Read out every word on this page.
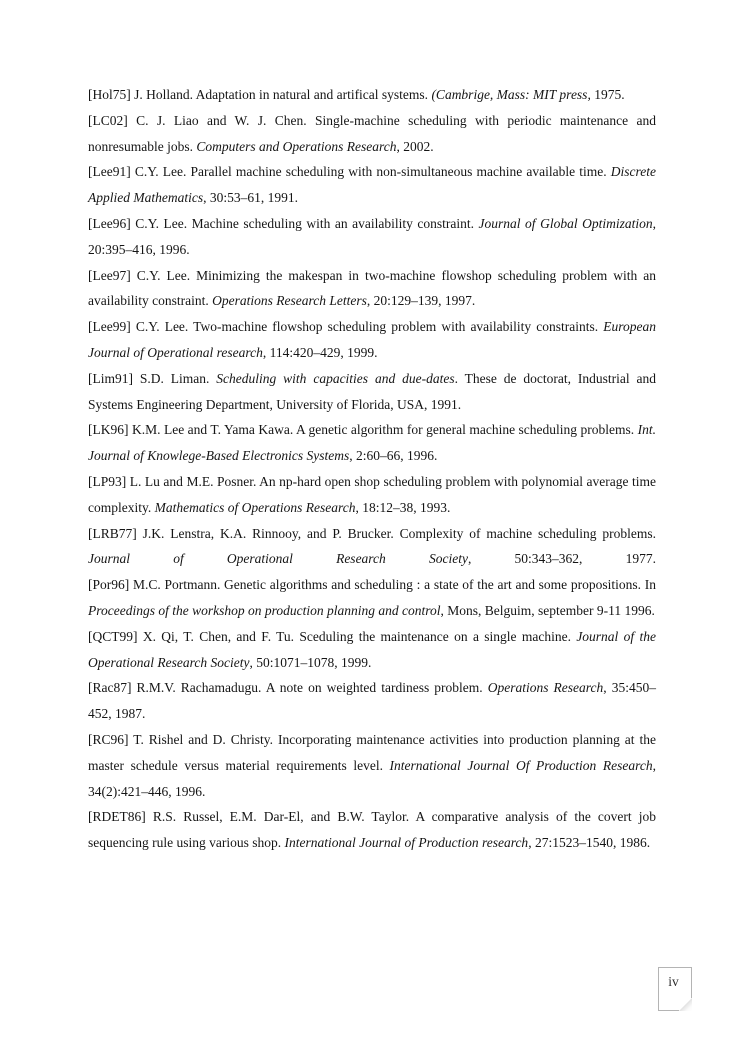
[Hol75] J. Holland. Adaptation in natural and artifical systems. (Cambrige, Mass: MIT press, 1975.

[LC02] C. J. Liao and W. J. Chen. Single-machine scheduling with periodic maintenance and nonresumable jobs. Computers and Operations Research, 2002.

[Lee91] C.Y. Lee. Parallel machine scheduling with non-simultaneous machine available time. Discrete Applied Mathematics, 30:53–61, 1991.

[Lee96] C.Y. Lee. Machine scheduling with an availability constraint. Journal of Global Optimization, 20:395–416, 1996.

[Lee97] C.Y. Lee. Minimizing the makespan in two-machine flowshop scheduling problem with an availability constraint. Operations Research Letters, 20:129–139, 1997.

[Lee99] C.Y. Lee. Two-machine flowshop scheduling problem with availability constraints. European Journal of Operational research, 114:420–429, 1999.

[Lim91] S.D. Liman. Scheduling with capacities and due-dates. These de doctorat, Industrial and Systems Engineering Department, University of Florida, USA, 1991.

[LK96] K.M. Lee and T. Yama Kawa. A genetic algorithm for general machine scheduling problems. Int. Journal of Knowlege-Based Electronics Systems, 2:60–66, 1996.

[LP93] L. Lu and M.E. Posner. An np-hard open shop scheduling problem with polynomial average time complexity. Mathematics of Operations Research, 18:12–38, 1993.

[LRB77] J.K. Lenstra, K.A. Rinnooy, and P. Brucker. Complexity of machine scheduling problems. Journal of Operational Research Society, 50:343–362, 1977.

[Por96] M.C. Portmann. Genetic algorithms and scheduling : a state of the art and some propositions. In Proceedings of the workshop on production planning and control, Mons, Belguim, september 9-11 1996.

[QCT99] X. Qi, T. Chen, and F. Tu. Sceduling the maintenance on a single machine. Journal of the Operational Research Society, 50:1071–1078, 1999.

[Rac87] R.M.V. Rachamadugu. A note on weighted tardiness problem. Operations Research, 35:450–452, 1987.

[RC96] T. Rishel and D. Christy. Incorporating maintenance activities into production planning at the master schedule versus material requirements level. International Journal Of Production Research, 34(2):421–446, 1996.

[RDET86] R.S. Russel, E.M. Dar-El, and B.W. Taylor. A comparative analysis of the covert job sequencing rule using various shop. International Journal of Production research, 27:1523–1540, 1986.

iv
